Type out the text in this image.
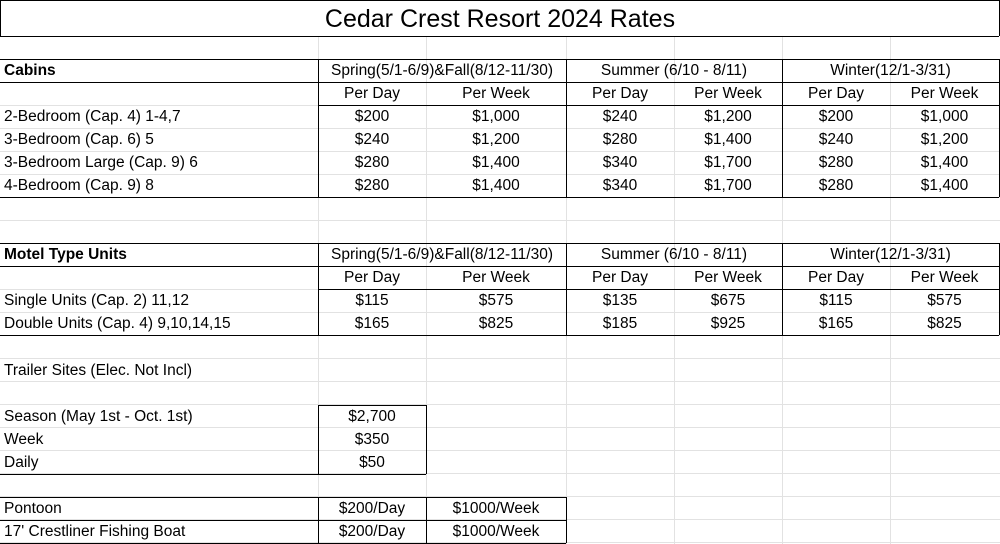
Cedar Crest Resort 2024 Rates
Cabins	Spring(5/1-6/9)&Fall(8/12-11/30)	Summer (6/10 - 8/11)	Winter(12/1-3/31)
Per Day	Per Week	Per Day	Per Week	Per Day	Per Week
2-Bedroom (Cap. 4) 1-4,7	$200	$1,000	$240	$1,200	$200	$1,000
3-Bedroom (Cap. 6) 5	$240	$1,200	$280	$1,400	$240	$1,200
3-Bedroom Large (Cap. 9) 6	$280	$1,400	$340	$1,700	$280	$1,400
4-Bedroom (Cap. 9) 8	$280	$1,400	$340	$1,700	$280	$1,400
Motel Type Units	Spring(5/1-6/9)&Fall(8/12-11/30)	Summer (6/10 - 8/11)	Winter(12/1-3/31)
Per Day	Per Week	Per Day	Per Week	Per Day	Per Week
Single Units (Cap. 2) 11,12	$115	$575	$135	$675	$115	$575
Double Units (Cap. 4) 9,10,14,15	$165	$825	$185	$925	$165	$825
Trailer Sites (Elec. Not Incl)
Season (May 1st - Oct. 1st)	$2,700
Week	$350
Daily	$50
Pontoon	$200/Day	$1000/Week
17' Crestliner Fishing Boat	$200/Day	$1000/Week
